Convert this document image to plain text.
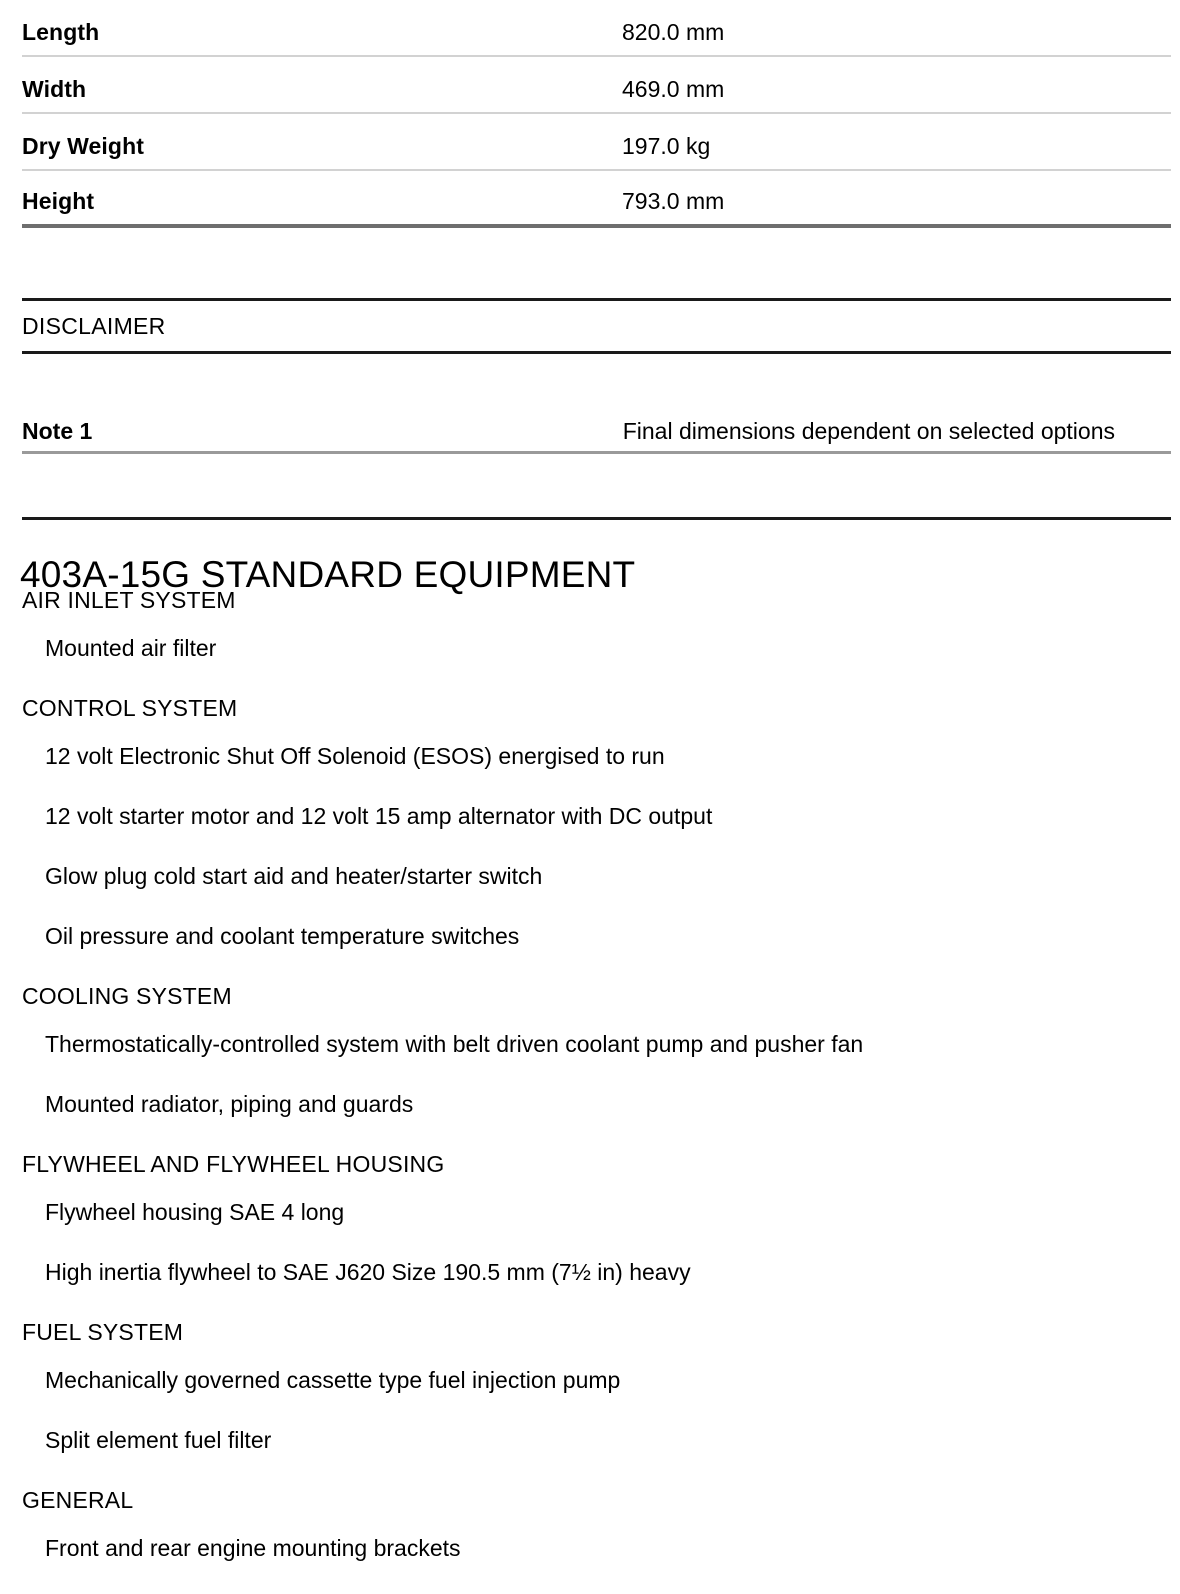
Length	820.0 mm
Width	469.0 mm
Dry Weight	197.0 kg
Height	793.0 mm
DISCLAIMER
Note 1	Final dimensions dependent on selected options
403A-15G STANDARD EQUIPMENT
AIR INLET SYSTEM
Mounted air filter
CONTROL SYSTEM
12 volt Electronic Shut Off Solenoid (ESOS) energised to run
12 volt starter motor and 12 volt 15 amp alternator with DC output
Glow plug cold start aid and heater/starter switch
Oil pressure and coolant temperature switches
COOLING SYSTEM
Thermostatically-controlled system with belt driven coolant pump and pusher fan
Mounted radiator, piping and guards
FLYWHEEL AND FLYWHEEL HOUSING
Flywheel housing SAE 4 long
High inertia flywheel to SAE J620 Size 190.5 mm (7½ in) heavy
FUEL SYSTEM
Mechanically governed cassette type fuel injection pump
Split element fuel filter
GENERAL
Front and rear engine mounting brackets
